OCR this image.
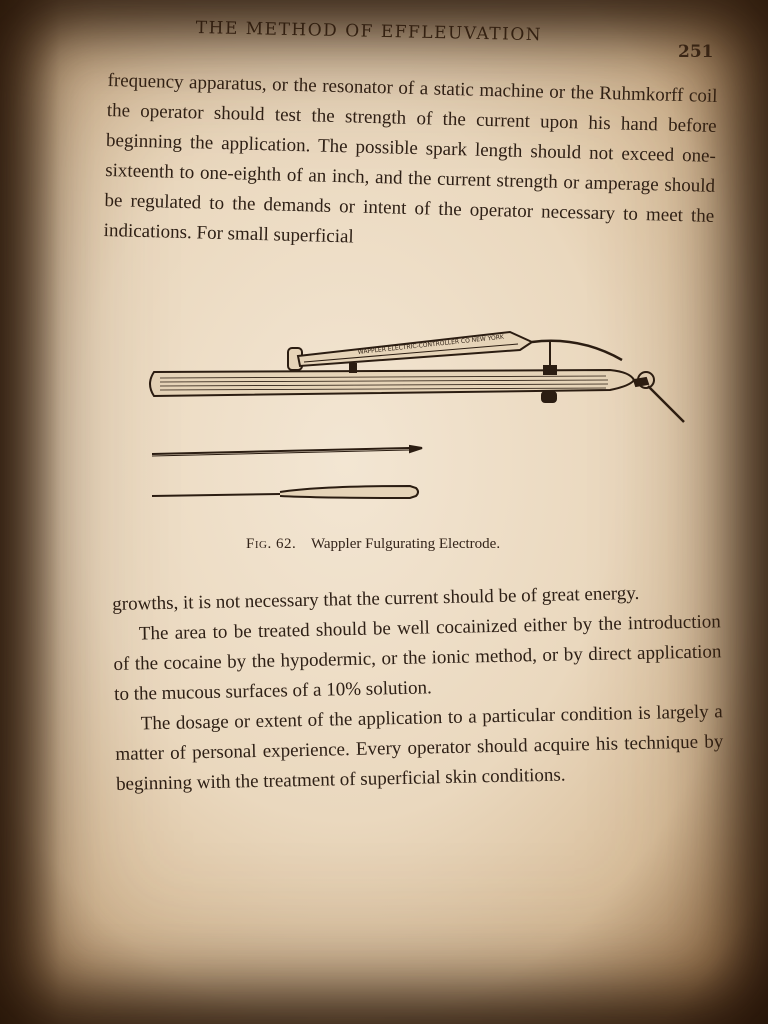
THE METHOD OF EFFLEUVATION
251

frequency apparatus, or the resonator of a static machine or the Ruhmkorff coil the operator should test the strength of the current upon his hand before beginning the application. The possible spark length should not exceed one-sixteenth to one-eighth of an inch, and the current strength or amperage should be regulated to the demands or intent of the operator necessary to meet the indications. For small superficial

WAPPLER ELECTRIC-CONTROLLER CO NEW YORK
Fig. 62. Wappler Fulgurating Electrode.

growths, it is not necessary that the current should be of great energy.

The area to be treated should be well cocainized either by the introduction of the cocaine by the hypodermic, or the ionic method, or by direct application to the mucous surfaces of a 10% solution.

The dosage or extent of the application to a particular condition is largely a matter of personal experience. Every operator should acquire his technique by beginning with the treatment of superficial skin conditions.
